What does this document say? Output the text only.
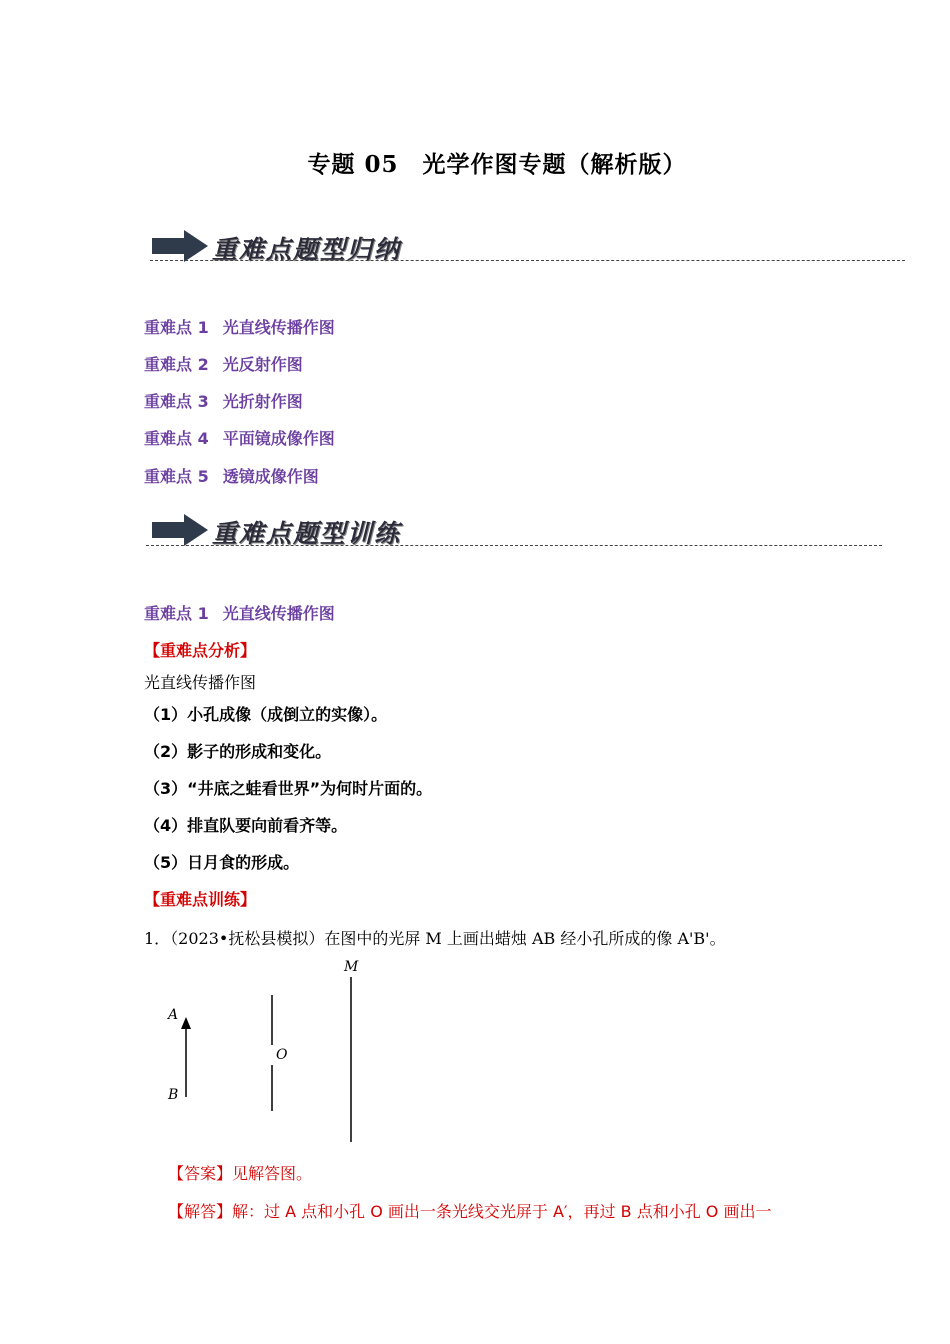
专题 05　光学作图专题（解析版）
重难点题型归纳
重难点 1 光直线传播作图
重难点 2 光反射作图
重难点 3 光折射作图
重难点 4 平面镜成像作图
重难点 5 透镜成像作图
重难点题型训练
重难点 1 光直线传播作图
【重难点分析】
光直线传播作图
（1）小孔成像（成倒立的实像）。
（2）影子的形成和变化。
（3）“井底之蛙看世界”为何时片面的。
（4）排直队要向前看齐等。
（5）日月食的形成。
【重难点训练】
1．（2023•抚松县模拟）在图中的光屏 M 上画出蜡烛 AB 经小孔所成的像 A'B'。
A
B
O
M
【答案】见解答图。
【解答】解：过 A 点和小孔 O 画出一条光线交光屏于 A′，再过 B 点和小孔 O 画出一
